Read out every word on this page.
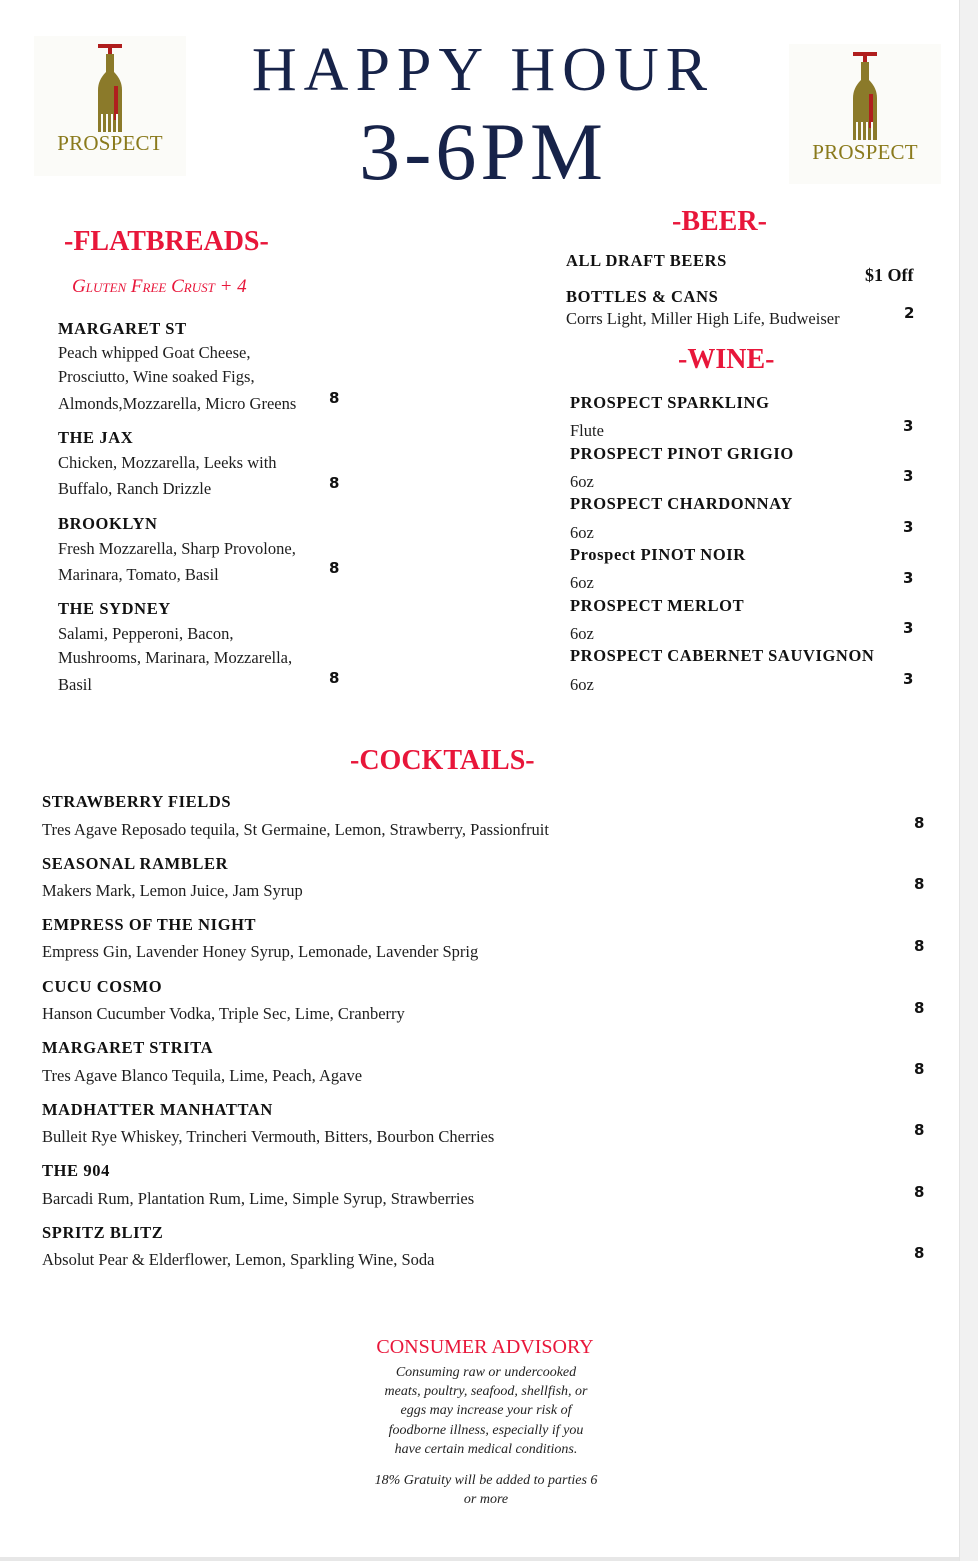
PROSPECT	PROSPECT
HAPPY HOUR
3-6PM
-FLATBREADS-
Gluten Free Crust + 4
MARGARET ST
Peach whipped Goat Cheese,
Prosciutto, Wine soaked Figs,
Almonds,Mozzarella, Micro Greens 8
THE JAX
Chicken, Mozzarella, Leeks with
Buffalo, Ranch Drizzle	8
BROOKLYN
Fresh Mozzarella, Sharp Provolone,
Marinara, Tomato, Basil	8
THE SYDNEY
Salami, Pepperoni, Bacon,
Mushrooms, Marinara, Mozzarella,
Basil	8
-BEER-
ALL DRAFT BEERS
$1 Off
BOTTLES & CANS
Corrs Light, Miller High Life, Budweiser	2
-WINE-
PROSPECT SPARKLING
Flute	3
PROSPECT PINOT GRIGIO
6oz	3
PROSPECT CHARDONNAY
6oz	3
Prospect PINOT NOIR
6oz	3
PROSPECT MERLOT
6oz	3
PROSPECT CABERNET SAUVIGNON
6oz	3
-COCKTAILS-
STRAWBERRY FIELDS
Tres Agave Reposado tequila, St Germaine, Lemon, Strawberry, Passionfruit	8
SEASONAL RAMBLER
Makers Mark, Lemon Juice, Jam Syrup	8
EMPRESS OF THE NIGHT
Empress Gin, Lavender Honey Syrup, Lemonade, Lavender Sprig	8
CUCU COSMO
Hanson Cucumber Vodka, Triple Sec, Lime, Cranberry	8
MARGARET STRITA
Tres Agave Blanco Tequila, Lime, Peach, Agave	8
MADHATTER MANHATTAN
Bulleit Rye Whiskey, Trincheri Vermouth, Bitters, Bourbon Cherries	8
THE 904
Barcadi Rum, Plantation Rum, Lime, Simple Syrup, Strawberries	8
SPRITZ BLITZ
Absolut Pear & Elderflower, Lemon, Sparkling Wine, Soda	8
CONSUMER ADVISORY
Consuming raw or undercooked
meats, poultry, seafood, shellfish, or
eggs may increase your risk of
foodborne illness, especially if you
have certain medical conditions.
18% Gratuity will be added to parties 6
or more
